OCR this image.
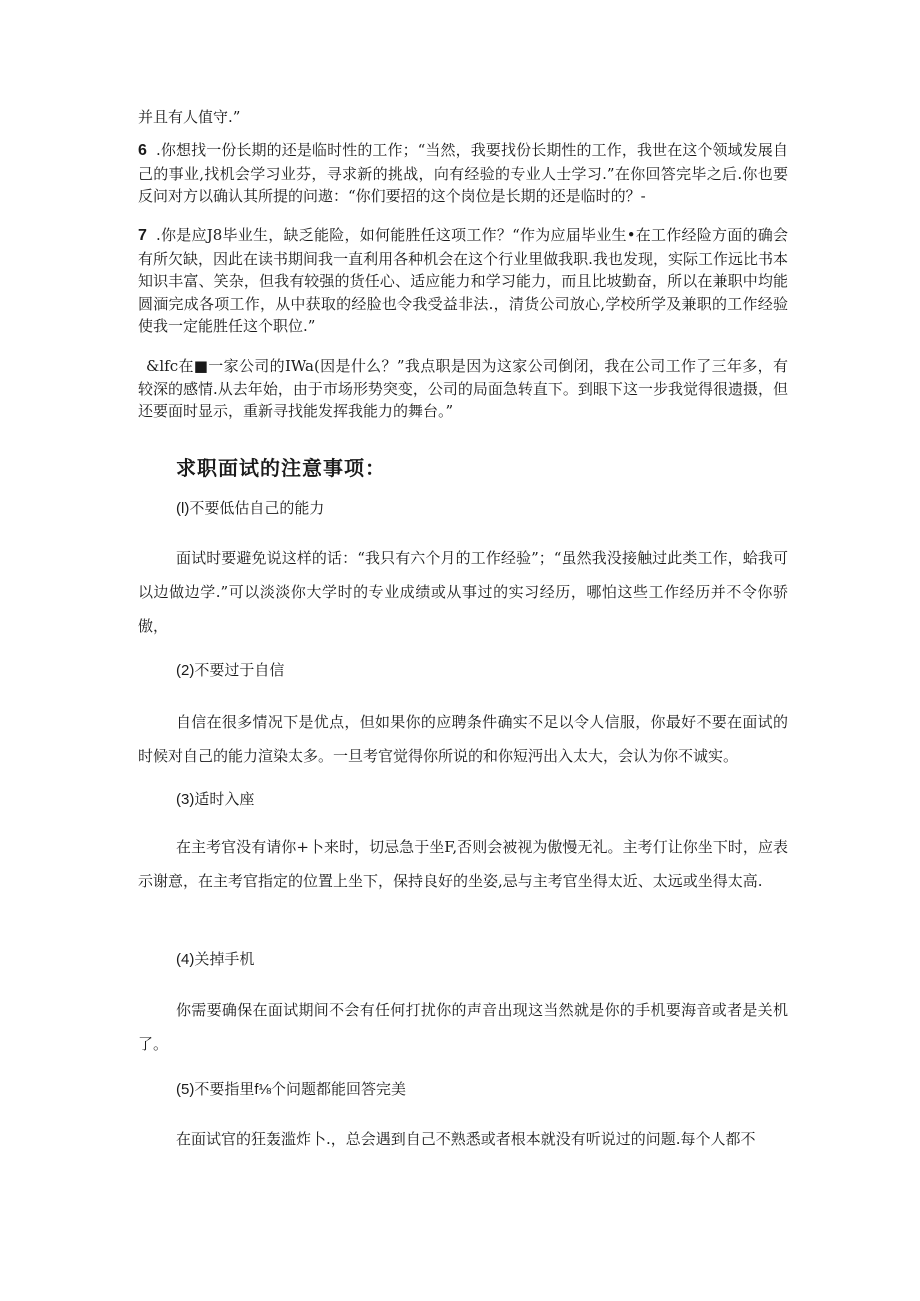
并且有人值守.”

6 .你想找一份长期的还是临时性的工作；“当然，我要找份长期性的工作，我世在这个领域发展自己的事业,找机会学习业芬，寻求新的挑战，向有经验的专业人士学习.”在你回答完毕之后.你也要反问对方以确认其所提的问遨：“你们要招的这个岗位是长期的还是临时的？-

7 .你是应J8毕业生，缺乏能险，如何能胜任这项工作？“作为应届毕业生•在工作经险方面的确会有所欠缺，因此在读书期间我一直利用各种机会在这个行业里做我职.我也发现，实际工作远比书本知识丰富、笑杂，但我有较强的货任心、适应能力和学习能力，而且比坡勤奋，所以在兼职中均能圆湎完成各项工作，从中获取的经脸也令我受益非法.，清货公司放心,学校所学及兼职的工作经验使我一定能胜任这个职位.”

&lfc在■一家公司的IWa(因是什么？”我点职是因为这家公司倒闭，我在公司工作了三年多，有较深的感情.从去年始，由于市场形势突变，公司的局面急转直下。到眼下这一步我觉得很遗摄，但还要面时显示，重新寻找能发挥我能力的舞台。”

求职面试的注意事项：

(l)不要低估自己的能力

面试时要避免说这样的话：“我只有六个月的工作经验”；“虽然我没接触过此类工作，蛤我可以边做边学.”可以淡淡你大学时的专业成绩或从事过的实习经历，哪怕这些工作经历并不令你骄傲，

(2)不要过于自信

自信在很多情况下是优点，但如果你的应聘条件确实不足以令人信服，你最好不要在面试的时候对自己的能力渲染太多。一旦考官觉得你所说的和你短沔出入太大，会认为你不诚实。

(3)适时入座

在主考官没有请你+卜来时，切忌急于坐F,否则会被视为傲慢无礼。主考仃让你坐下时，应表示谢意，在主考官指定的位置上坐下，保持良好的坐姿,忌与主考官坐得太近、太远或坐得太高.

(4)关掉手机

你需要确保在面试期间不会有任何打扰你的声音出现这当然就是你的手机要海音或者是关机了。

(5)不要指里f⅛个问题都能回答完美

在面试官的狂轰滥炸卜.，总会遇到自己不熟悉或者根本就没有听说过的问题.每个人都不
